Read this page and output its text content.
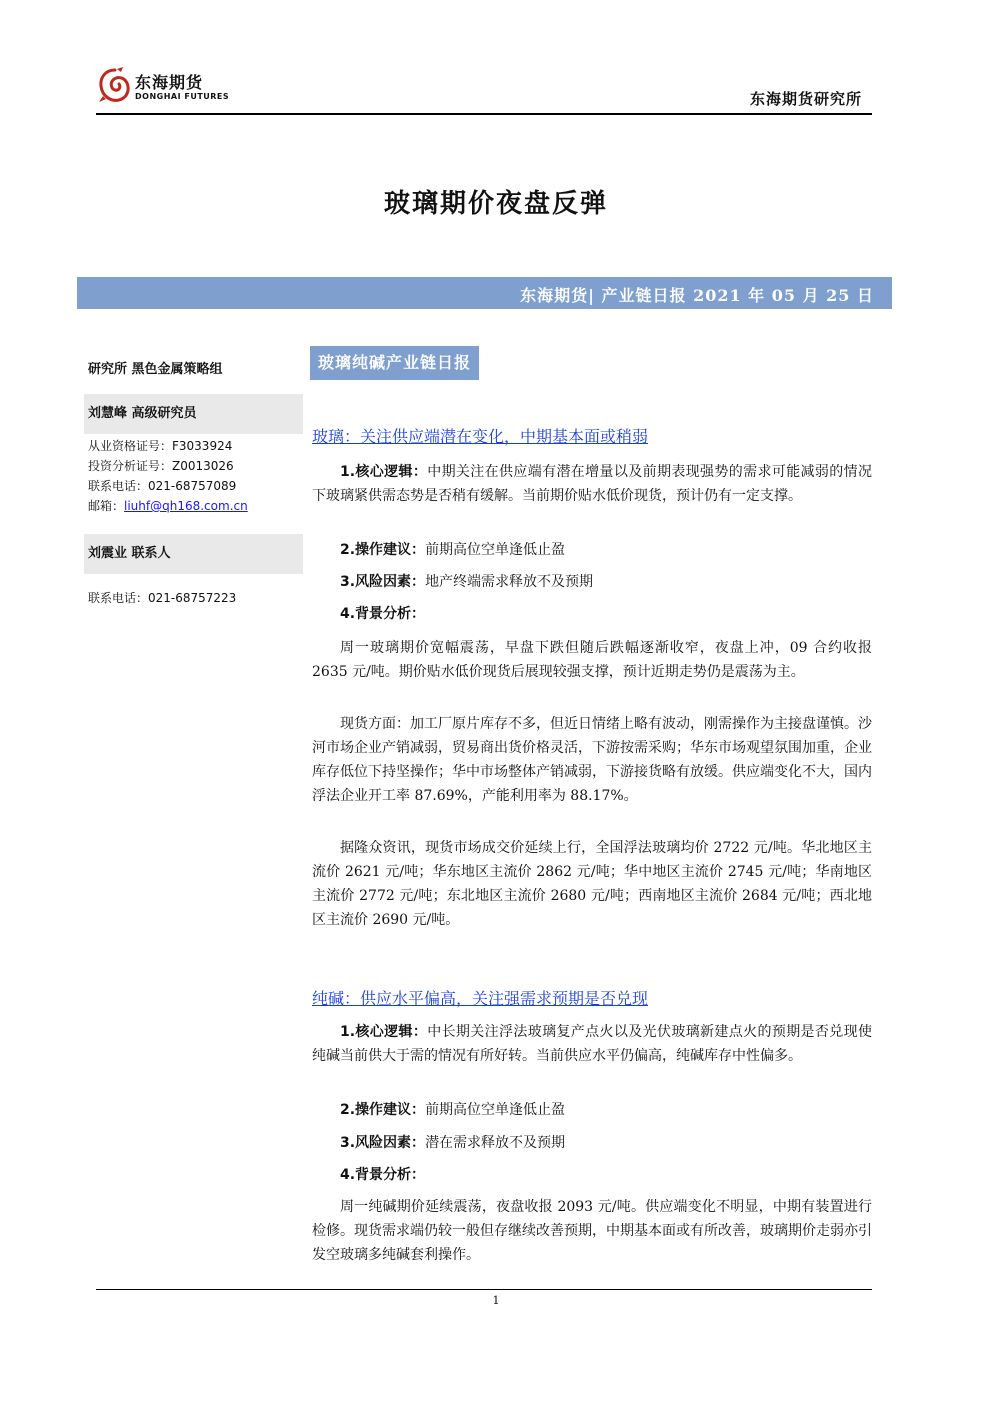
东海期货
DONGHAI FUTURES	东海期货研究所
玻璃期价夜盘反弹
东海期货| 产业链日报 2021 年 05 月 25 日
研究所 黑色金属策略组
刘慧峰 高级研究员
从业资格证号：F3033924
投资分析证号：Z0013026
联系电话：021-68757089
邮箱：liuhf@qh168.com.cn
刘震业 联系人
联系电话：021-68757223
玻璃纯碱产业链日报
玻璃：关注供应端潜在变化，中期基本面或稍弱
1.核心逻辑：中期关注在供应端有潜在增量以及前期表现强势的需求可能减弱的情况下玻璃紧供需态势是否稍有缓解。当前期价贴水低价现货，预计仍有一定支撑。
2.操作建议：前期高位空单逢低止盈
3.风险因素：地产终端需求释放不及预期
4.背景分析：
周一玻璃期价宽幅震荡，早盘下跌但随后跌幅逐渐收窄，夜盘上冲，09 合约收报 2635 元/吨。期价贴水低价现货后展现较强支撑，预计近期走势仍是震荡为主。
现货方面：加工厂原片库存不多，但近日情绪上略有波动，刚需操作为主接盘谨慎。沙河市场企业产销减弱，贸易商出货价格灵活，下游按需采购；华东市场观望氛围加重，企业库存低位下持坚操作；华中市场整体产销减弱，下游接货略有放缓。供应端变化不大，国内浮法企业开工率 87.69%，产能利用率为 88.17%。
据隆众资讯，现货市场成交价延续上行，全国浮法玻璃均价 2722 元/吨。华北地区主流价 2621 元/吨；华东地区主流价 2862 元/吨；华中地区主流价 2745 元/吨；华南地区主流价 2772 元/吨；东北地区主流价 2680 元/吨；西南地区主流价 2684 元/吨；西北地区主流价 2690 元/吨。
纯碱：供应水平偏高，关注强需求预期是否兑现
1.核心逻辑：中长期关注浮法玻璃复产点火以及光伏玻璃新建点火的预期是否兑现使纯碱当前供大于需的情况有所好转。当前供应水平仍偏高，纯碱库存中性偏多。
2.操作建议：前期高位空单逢低止盈
3.风险因素：潜在需求释放不及预期
4.背景分析：
周一纯碱期价延续震荡，夜盘收报 2093 元/吨。供应端变化不明显，中期有装置进行检修。现货需求端仍较一般但存继续改善预期，中期基本面或有所改善，玻璃期价走弱亦引发空玻璃多纯碱套利操作。
1
